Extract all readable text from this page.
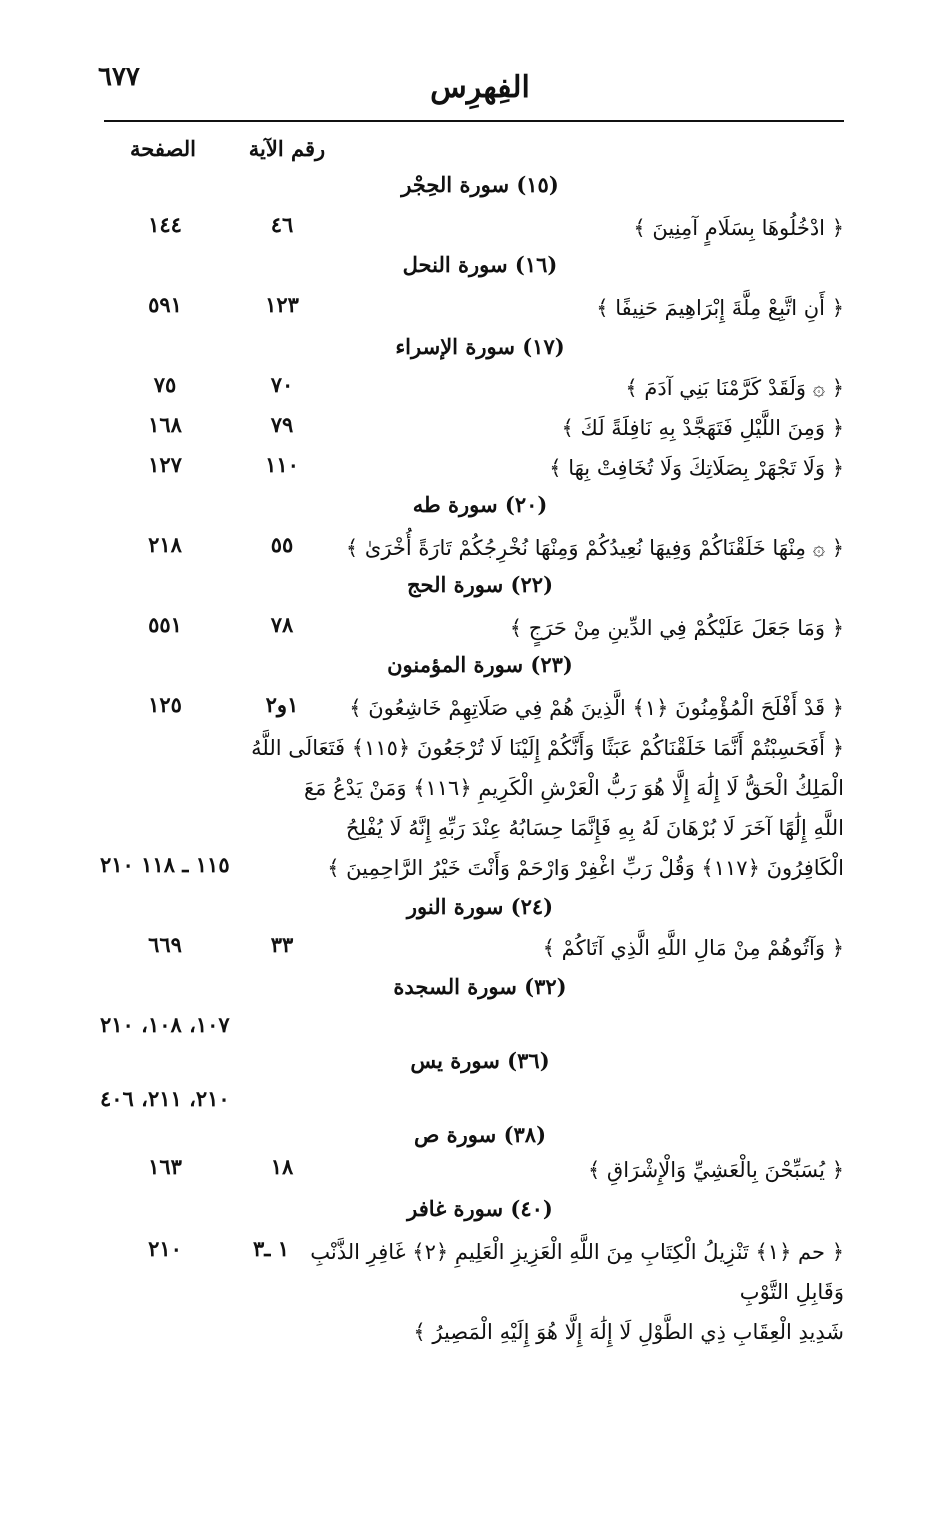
٦٧٧	الفِهرِس
رقم الآية
الصفحة
(١٥) سورة الحِجْر
﴿ ادْخُلُوهَا بِسَلَامٍ آمِنِينَ ﴾
٤٦
١٤٤
(١٦) سورة النحل
﴿ أَنِ اتَّبِعْ مِلَّةَ إِبْرَاهِيمَ حَنِيفًا ﴾
١٢٣
٥٩١
(١٧) سورة الإسراء
﴿ ۞ وَلَقَدْ كَرَّمْنَا بَنِي آدَمَ ﴾
٧٠
٧٥
﴿ وَمِنَ اللَّيْلِ فَتَهَجَّدْ بِهِ نَافِلَةً لَكَ ﴾
٧٩
١٦٨
﴿ وَلَا تَجْهَرْ بِصَلَاتِكَ وَلَا تُخَافِتْ بِهَا ﴾
١١٠
١٢٧
(٢٠) سورة طه
﴿ ۞ مِنْهَا خَلَقْنَاكُمْ وَفِيهَا نُعِيدُكُمْ وَمِنْهَا نُخْرِجُكُمْ تَارَةً أُخْرَىٰ ﴾
٥٥
٢١٨
(٢٢) سورة الحج
﴿ وَمَا جَعَلَ عَلَيْكُمْ فِي الدِّينِ مِنْ حَرَجٍ ﴾
٧٨
٥٥١
(٢٣) سورة المؤمنون
﴿ قَدْ أَفْلَحَ الْمُؤْمِنُونَ ﴿١﴾ الَّذِينَ هُمْ فِي صَلَاتِهِمْ خَاشِعُونَ ﴾
١و٢
١٢٥
﴿ أَفَحَسِبْتُمْ أَنَّمَا خَلَقْنَاكُمْ عَبَثًا وَأَنَّكُمْ إِلَيْنَا لَا تُرْجَعُونَ ﴿١١٥﴾ فَتَعَالَى اللَّهُ
الْمَلِكُ الْحَقُّ لَا إِلَٰهَ إِلَّا هُوَ رَبُّ الْعَرْشِ الْكَرِيمِ ﴿١١٦﴾ وَمَنْ يَدْعُ مَعَ
اللَّهِ إِلَٰهًا آخَرَ لَا بُرْهَانَ لَهُ بِهِ فَإِنَّمَا حِسَابُهُ عِنْدَ رَبِّهِ إِنَّهُ لَا يُفْلِحُ
الْكَافِرُونَ ﴿١١٧﴾ وَقُلْ رَبِّ اغْفِرْ وَارْحَمْ وَأَنْتَ خَيْرُ الرَّاحِمِينَ ﴾
١١٥ ـ ١١٨ ٢١٠
(٢٤) سورة النور
﴿ وَآتُوهُمْ مِنْ مَالِ اللَّهِ الَّذِي آتَاكُمْ ﴾
٣٣
٦٦٩
(٣٢) سورة السجدة
١٠٧، ١٠٨، ٢١٠
(٣٦) سورة يس
٢١٠، ٢١١، ٤٠٦
(٣٨) سورة ص
﴿ يُسَبِّحْنَ بِالْعَشِيِّ وَالْإِشْرَاقِ ﴾
١٨
١٦٣
(٤٠) سورة غافر
﴿ حم ﴿١﴾ تَنْزِيلُ الْكِتَابِ مِنَ اللَّهِ الْعَزِيزِ الْعَلِيمِ ﴿٢﴾ غَافِرِ الذَّنْبِ وَقَابِلِ التَّوْبِ
شَدِيدِ الْعِقَابِ ذِي الطَّوْلِ لَا إِلَٰهَ إِلَّا هُوَ إِلَيْهِ الْمَصِيرُ ﴾
١ ـ٣
٢١٠
